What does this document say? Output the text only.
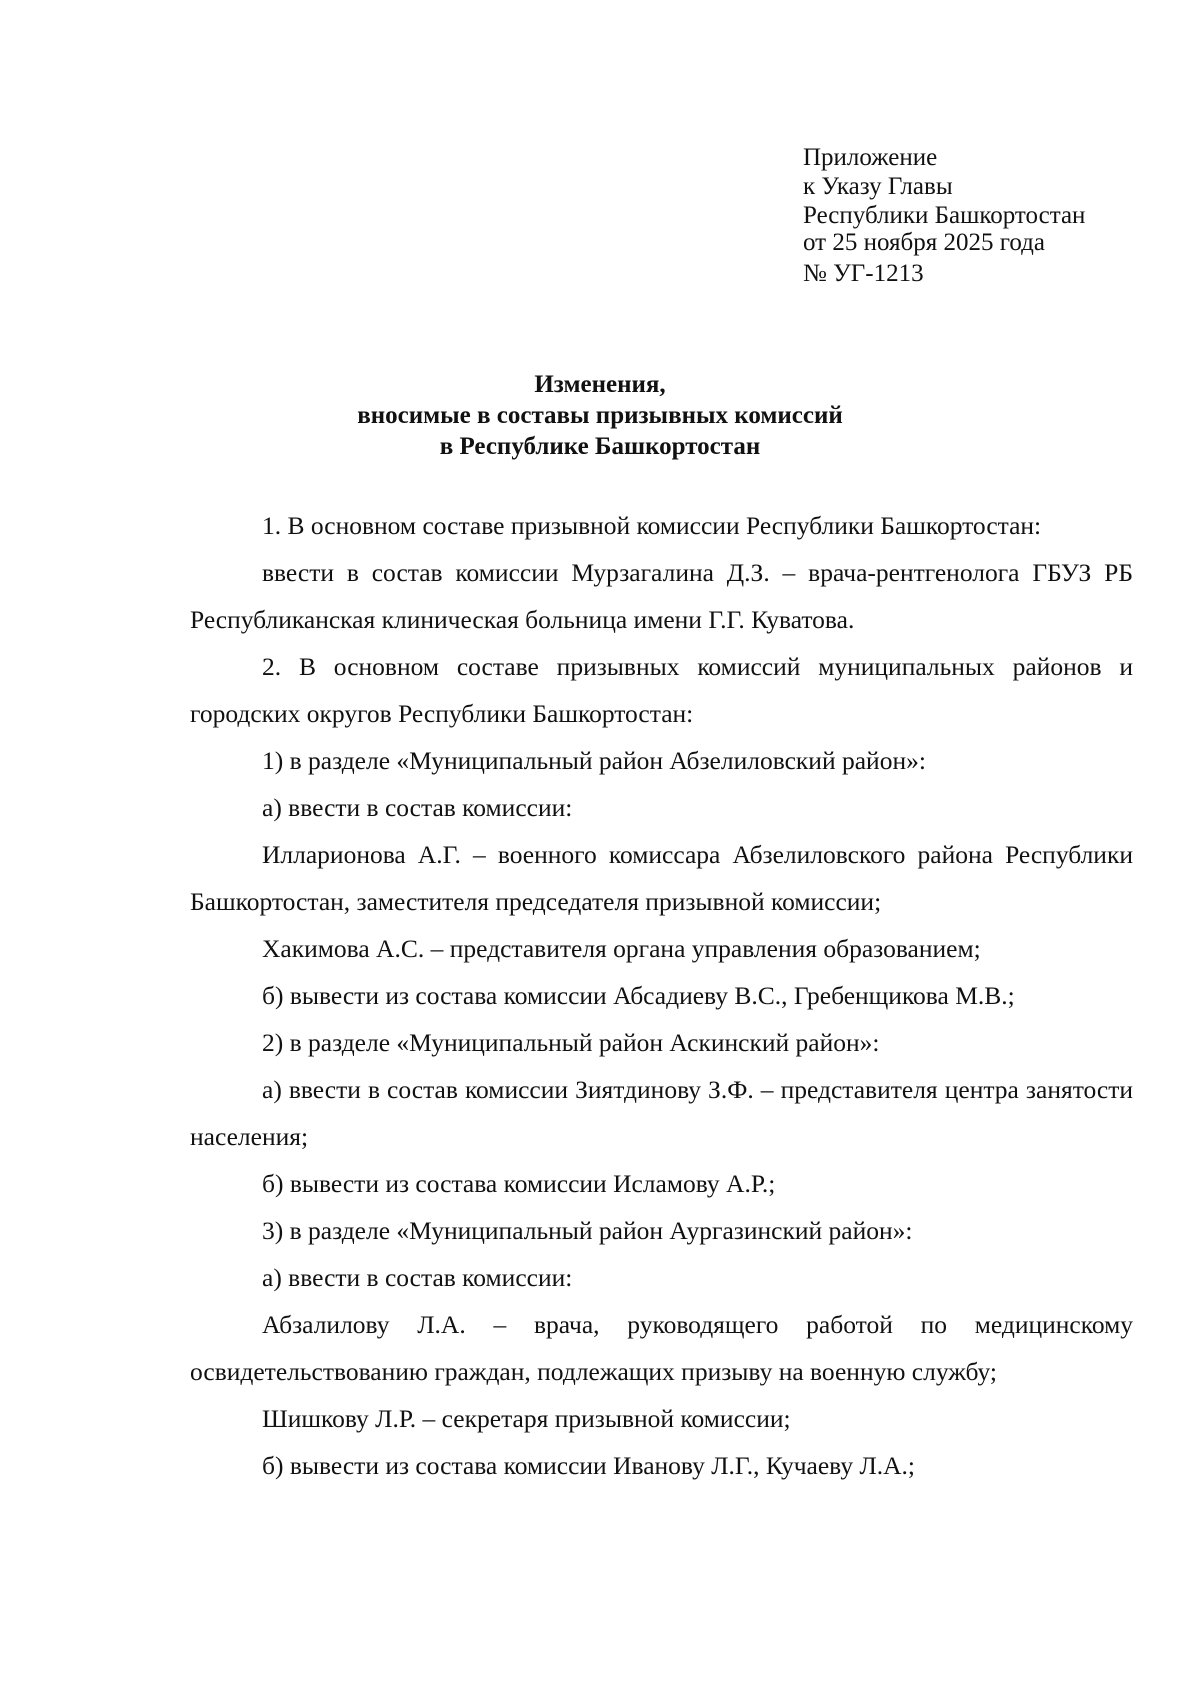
Приложение
к Указу Главы
Республики Башкортостан
от 25 ноября 2025 года
№ УГ-1213
Изменения,
вносимые в составы призывных комиссий
в Республике Башкортостан

1. В основном составе призывной комиссии Республики Башкортостан:

ввести в состав комиссии Мурзагалина Д.З. – врача-рентгенолога ГБУЗ РБ Республиканская клиническая больница имени Г.Г. Куватова.

2. В основном составе призывных комиссий муниципальных районов и городских округов Республики Башкортостан:

1) в разделе «Муниципальный район Абзелиловский район»:

а) ввести в состав комиссии:

Илларионова А.Г. – военного комиссара Абзелиловского района Республики Башкортостан, заместителя председателя призывной комиссии;

Хакимова А.С. – представителя органа управления образованием;

б) вывести из состава комиссии Абсадиеву В.С., Гребенщикова М.В.;

2) в разделе «Муниципальный район Аскинский район»:

а) ввести в состав комиссии Зиятдинову З.Ф. – представителя центра занятости населения;

б) вывести из состава комиссии Исламову А.Р.;

3) в разделе «Муниципальный район Аургазинский район»:

а) ввести в состав комиссии:

Абзалилову Л.А. – врача, руководящего работой по медицинскому освидетельствованию граждан, подлежащих призыву на военную службу;

Шишкову Л.Р. – секретаря призывной комиссии;

б) вывести из состава комиссии Иванову Л.Г., Кучаеву Л.А.;
